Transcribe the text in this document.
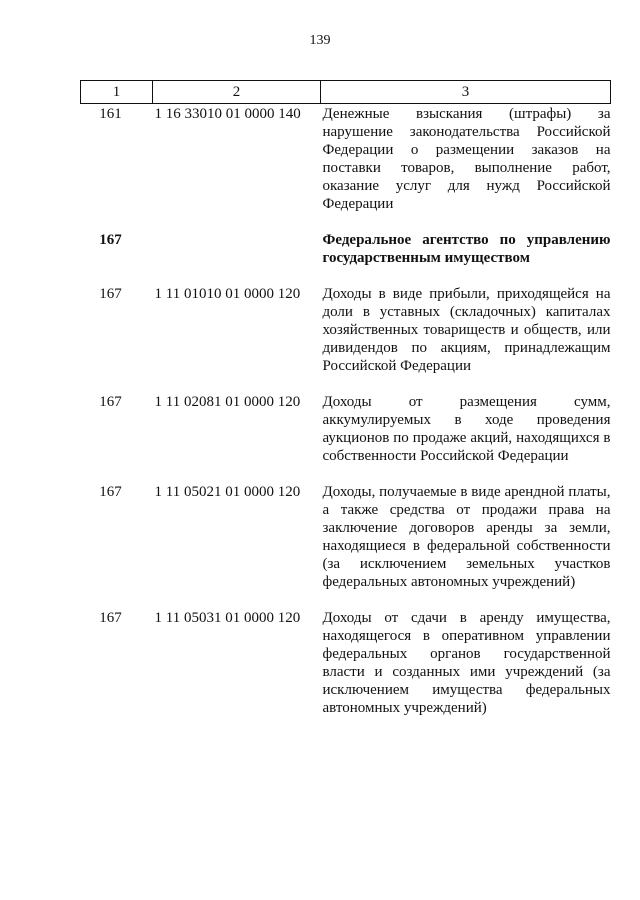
139
1	2	3
161	1 16 33010 01 0000 140	Денежные взыскания (штрафы) за нарушение законодательства Российской Федерации о размещении заказов на поставки товаров, выполнение работ, оказание услуг для нужд Российской Федерации
167		Федеральное агентство по управлению государственным имуществом
167	1 11 01010 01 0000 120	Доходы в виде прибыли, приходящейся на доли в уставных (складочных) капиталах хозяйственных товариществ и обществ, или дивидендов по акциям, принадлежащим Российской Федерации
167	1 11 02081 01 0000 120	Доходы от размещения сумм, аккумулируемых в ходе проведения аукционов по продаже акций, находящихся в собственности Российской Федерации
167	1 11 05021 01 0000 120	Доходы, получаемые в виде арендной платы, а также средства от продажи права на заключение договоров аренды за земли, находящиеся в федеральной собственности (за исключением земельных участков федеральных автономных учреждений)
167	1 11 05031 01 0000 120	Доходы от сдачи в аренду имущества, находящегося в оперативном управлении федеральных органов государственной власти и созданных ими учреждений (за исключением имущества федеральных автономных учреждений)
